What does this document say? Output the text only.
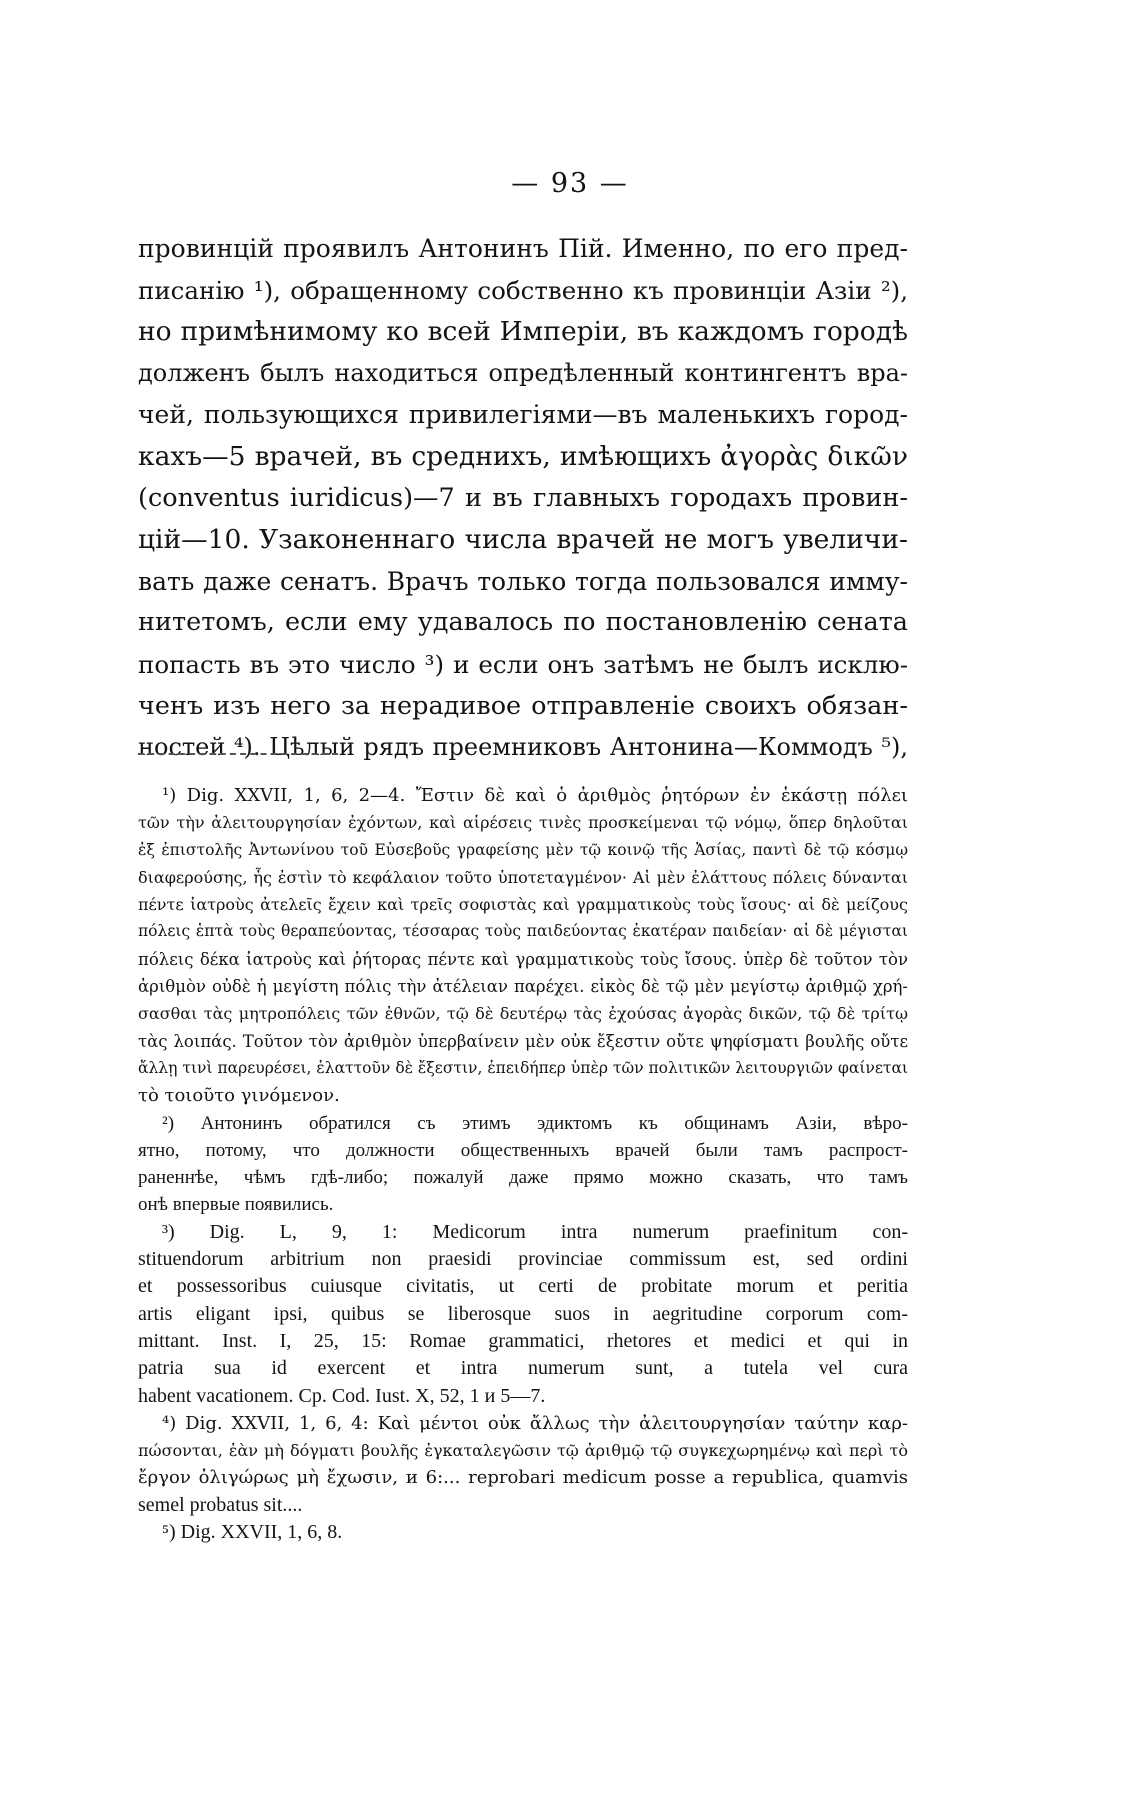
— 93 —
провинцій проявилъ Антонинъ Пій. Именно, по его пред-
писанію ¹), обращенному собственно къ провинціи Азіи ²),
но примѣнимому ко всей Имперіи, въ каждомъ городѣ
долженъ былъ находиться опредѣленный контингентъ вра-
чей, пользующихся привилегіями—въ маленькихъ город-
кахъ—5 врачей, въ среднихъ, имѣющихъ ἀγορὰς δικῶν
(conventus iuridicus)—7 и въ главныхъ городахъ провин-
цій—10. Узаконеннаго числа врачей не могъ увеличи-
вать даже сенатъ. Врачъ только тогда пользовался имму-
нитетомъ, если ему удавалось по постановленію сената
попасть въ это число ³) и если онъ затѣмъ не былъ исклю-
ченъ изъ него за нерадивое отправленіе своихъ обязан-
ностей ⁴). Цѣлый рядъ преемниковъ Антонина—Коммодъ ⁵),
¹) Dig. XXVII, 1, 6, 2—4. Ἔστιν δὲ καὶ ὁ ἀριθμὸς ῥητόρων ἐν ἑκάστῃ πόλει
τῶν τὴν ἀλειτουργησίαν ἐχόντων, καὶ αἱρέσεις τινὲς προσκείμεναι τῷ νόμῳ, ὅπερ δηλοῦται
ἐξ ἐπιστολῆς Ἀντωνίνου τοῦ Εὐσεβοῦς γραφείσης μὲν τῷ κοινῷ τῆς Ἀσίας, παντὶ δὲ τῷ κόσμῳ
διαφερούσης, ἧς ἐστὶν τὸ κεφάλαιον τοῦτο ὑποτεταγμένον· Αἱ μὲν ἐλάττους πόλεις δύνανται
πέντε ἰατροὺς ἀτελεῖς ἔχειν καὶ τρεῖς σοφιστὰς καὶ γραμματικοὺς τοὺς ἴσους· αἱ δὲ μείζους
πόλεις ἑπτὰ τοὺς θεραπεύοντας, τέσσαρας τοὺς παιδεύοντας ἑκατέραν παιδείαν· αἱ δὲ μέγισται
πόλεις δέκα ἰατροὺς καὶ ῥήτορας πέντε καὶ γραμματικοὺς τοὺς ἴσους. ὑπὲρ δὲ τοῦτον τὸν
ἀριθμὸν οὐδὲ ἡ μεγίστη πόλις τὴν ἀτέλειαν παρέχει. εἰκὸς δὲ τῷ μὲν μεγίστῳ ἀριθμῷ χρή-
σασθαι τὰς μητροπόλεις τῶν ἐθνῶν, τῷ δὲ δευτέρῳ τὰς ἐχούσας ἀγορὰς δικῶν, τῷ δὲ τρίτῳ
τὰς λοιπάς. Τοῦτον τὸν ἀριθμὸν ὑπερβαίνειν μὲν οὐκ ἔξεστιν οὔτε ψηφίσματι βουλῆς οὔτε
ἄλλῃ τινὶ παρευρέσει, ἐλαττοῦν δὲ ἔξεστιν, ἐπειδήπερ ὑπὲρ τῶν πολιτικῶν λειτουργιῶν φαίνεται
τὸ τοιοῦτο γινόμενον.
²) Антонинъ обратился съ этимъ эдиктомъ къ общинамъ Азіи, вѣро-
ятно, потому, что должности общественныхъ врачей были тамъ распрост-
раненнѣе, чѣмъ гдѣ-либо; пожалуй даже прямо можно сказать, что тамъ
онѣ впервые появились.
³) Dig. L, 9, 1: Medicorum intra numerum praefinitum con-
stituendorum arbitrium non praesidi provinciae commissum est, sed ordini
et possessoribus cuiusque civitatis, ut certi de probitate morum et peritia
artis eligant ipsi, quibus se liberosque suos in aegritudine corporum com-
mittant. Inst. I, 25, 15: Romae grammatici, rhetores et medici et qui in
patria sua id exercent et intra numerum sunt, a tutela vel cura
habent vacationem. Cp. Cod. Iust. X, 52, 1 и 5—7.
⁴) Dig. XXVII, 1, 6, 4: Καὶ μέντοι οὐκ ἄλλως τὴν ἀλειτουργησίαν ταύτην καρ-
πώσονται, ἐὰν μὴ δόγματι βουλῆς ἐγκαταλεγῶσιν τῷ ἀριθμῷ τῷ συγκεχωρημένῳ καὶ περὶ τὸ
ἔργον ὀλιγώρως μὴ ἔχωσιν, и 6:... reprobari medicum posse a republica, quamvis
semel probatus sit....
⁵) Dig. XXVII, 1, 6, 8.
